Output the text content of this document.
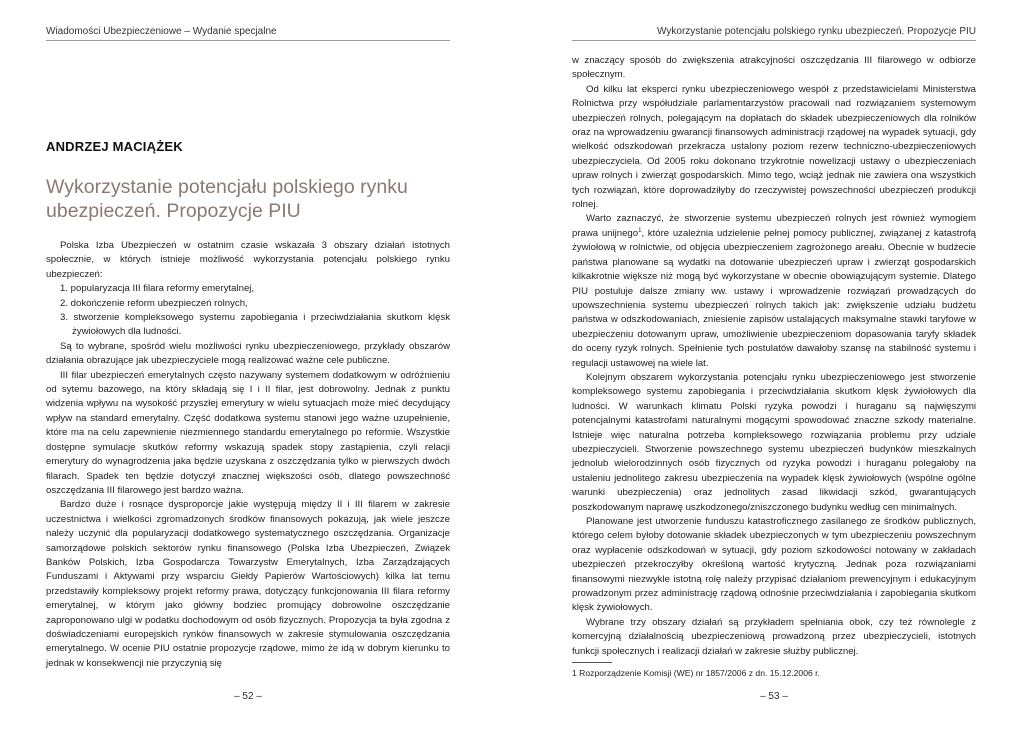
Wiadomości Ubezpieczeniowe – Wydanie specjalne
ANDRZEJ MACIĄŻEK
Wykorzystanie potencjału polskiego rynku ubezpieczeń. Propozycje PIU

Polska Izba Ubezpieczeń w ostatnim czasie wskazała 3 obszary działań istotnych społecznie, w których istnieje możliwość wykorzystania potencjału polskiego rynku ubezpieczeń:

1. popularyzacja III filara reformy emerytalnej,
2. dokończenie reform ubezpieczeń rolnych,
3. stworzenie kompleksowego systemu zapobiegania i przeciwdziałania skutkom klęsk żywiołowych dla ludności.

Są to wybrane, spośród wielu możliwości rynku ubezpieczeniowego, przykłady obszarów działania obrazujące jak ubezpieczyciele mogą realizować ważne cele publiczne.

III filar ubezpieczeń emerytalnych często nazywany systemem dodatkowym w odróżnieniu od sytemu bazowego, na który składają się I i II filar, jest dobrowolny. Jednak z punktu widzenia wpływu na wysokość przyszłej emerytury w wielu sytuacjach może mieć decydujący wpływ na standard emerytalny. Część dodatkowa systemu stanowi jego ważne uzupełnienie, które ma na celu zapewnienie niezmiennego standardu emerytalnego po reformie. Wszystkie dostępne symulacje skutków reformy wskazują spadek stopy zastąpienia, czyli relacji emerytury do wynagrodzenia jaka będzie uzyskana z oszczędzania tylko w pierwszych dwóch filarach. Spadek ten będzie dotyczył znacznej większości osób, dlatego powszechność oszczędzania III filarowego jest bardzo ważna.

Bardzo duże i rosnące dysproporcje jakie występują między II i III filarem w zakresie uczestnictwa i wielkości zgromadzonych środków finansowych pokazują, jak wiele jeszcze należy uczynić dla popularyzacji dodatkowego systematycznego oszczędzania. Organizacje samorządowe polskich sektorów rynku finansowego (Polska Izba Ubezpieczeń, Związek Banków Polskich, Izba Gospodarcza Towarzystw Emerytalnych, Izba Zarządzających Funduszami i Aktywami przy wsparciu Giełdy Papierów Wartościowych) kilka lat temu przedstawiły kompleksowy projekt reformy prawa, dotyczący funkcjonowania III filara reformy emerytalnej, w którym jako główny bodziec promujący dobrowolne oszczędzanie zaproponowano ulgi w podatku dochodowym od osób fizycznych. Propozycja ta była zgodna z doświadczeniami europejskich rynków finansowych w zakresie stymulowania oszczędzania emerytalnego. W ocenie PIU ostatnie propozycje rządowe, mimo że idą w dobrym kierunku to jednak w konsekwencji nie przyczynią się

– 52 –
Wykorzystanie potencjału polskiego rynku ubezpieczeń. Propozycje PIU

w znaczący sposób do zwiększenia atrakcyjności oszczędzania III filarowego w odbiorze społecznym.

Od kilku lat eksperci rynku ubezpieczeniowego wespół z przedstawicielami Ministerstwa Rolnictwa przy współudziale parlamentarzystów pracowali nad rozwiązaniem systemowym ubezpieczeń rolnych, polegającym na dopłatach do składek ubezpieczeniowych dla rolników oraz na wprowadzeniu gwarancji finansowych administracji rządowej na wypadek sytuacji, gdy wielkość odszkodowań przekracza ustalony poziom rezerw techniczno-ubezpieczeniowych ubezpieczyciela. Od 2005 roku dokonano trzykrotnie nowelizacji ustawy o ubezpieczeniach upraw rolnych i zwierząt gospodarskich. Mimo tego, wciąż jednak nie zawiera ona wszystkich tych rozwiązań, które doprowadziłyby do rzeczywistej powszechności ubezpieczeń produkcji rolnej.

Warto zaznaczyć, że stworzenie systemu ubezpieczeń rolnych jest również wymogiem prawa unijnego$^1$, które uzależnia udzielenie pełnej pomocy publicznej, związanej z katastrofą żywiołową w rolnictwie, od objęcia ubezpieczeniem zagrożonego areału. Obecnie w budżecie państwa planowane są wydatki na dotowanie ubezpieczeń upraw i zwierząt gospodarskich kilkakrotnie większe niż mogą być wykorzystane w obecnie obowiązującym systemie. Dlatego PIU postuluje dalsze zmiany ww. ustawy i wprowadzenie rozwiązań prowadzących do upowszechnienia systemu ubezpieczeń rolnych takich jak: zwiększenie udziału budżetu państwa w odszkodowaniach, zniesienie zapisów ustalających maksymalne stawki taryfowe w ubezpieczeniu dotowanym upraw, umożliwienie ubezpieczeniom dopasowania taryfy składek do oceny ryzyk rolnych. Spełnienie tych postulatów dawałoby szansę na stabilność systemu i regulacji ustawowej na wiele lat.

Kolejnym obszarem wykorzystania potencjału rynku ubezpieczeniowego jest stworzenie kompleksowego systemu zapobiegania i przeciwdziałania skutkom klęsk żywiołowych dla ludności. W warunkach klimatu Polski ryzyka powodzi i huraganu są najwięszymi potencjalnymi katastrofami naturalnymi mogącymi spowodować znaczne szkody materialne. Istnieje więc naturalna potrzeba kompleksowego rozwiązania problemu przy udziale ubezpieczycieli. Stworzenie powszechnego systemu ubezpieczeń budynków mieszkalnych jednolub wielorodzinnych osób fizycznych od ryzyka powodzi i huraganu polegałoby na ustaleniu jednolitego zakresu ubezpieczenia na wypadek klęsk żywiołowych (wspólne ogólne warunki ubezpieczenia) oraz jednolitych zasad likwidacji szkód, gwarantujących poszkodowanym naprawę uszkodzonego/zniszczonego budynku według cen minimalnych.

Planowane jest utworzenie funduszu katastroficznego zasilanego ze środków publicznych, którego celem byłoby dotowanie składek ubezpieczonych w tym ubezpieczeniu powszechnym oraz wypłacenie odszkodowań w sytuacji, gdy poziom szkodowości notowany w zakładach ubezpieczeń przekroczyłby określoną wartość krytyczną. Jednak poza rozwiązaniami finansowymi niezwykle istotną rolę należy przypisać działaniom prewencyjnym i edukacyjnym prowadzonym przez administrację rządową odnośnie przeciwdziałania i zapobiegania skutkom klęsk żywiołowych.

Wybrane trzy obszary działań są przykładem spełniania obok, czy też równolegle z komercyjną działalnością ubezpieczeniową prowadzoną przez ubezpieczycieli, istotnych funkcji społecznych i realizacji działań w zakresie służby publicznej.

1 Rozporządzenie Komisji (WE) nr 1857/2006 z dn. 15.12.2006 r.
– 53 –
